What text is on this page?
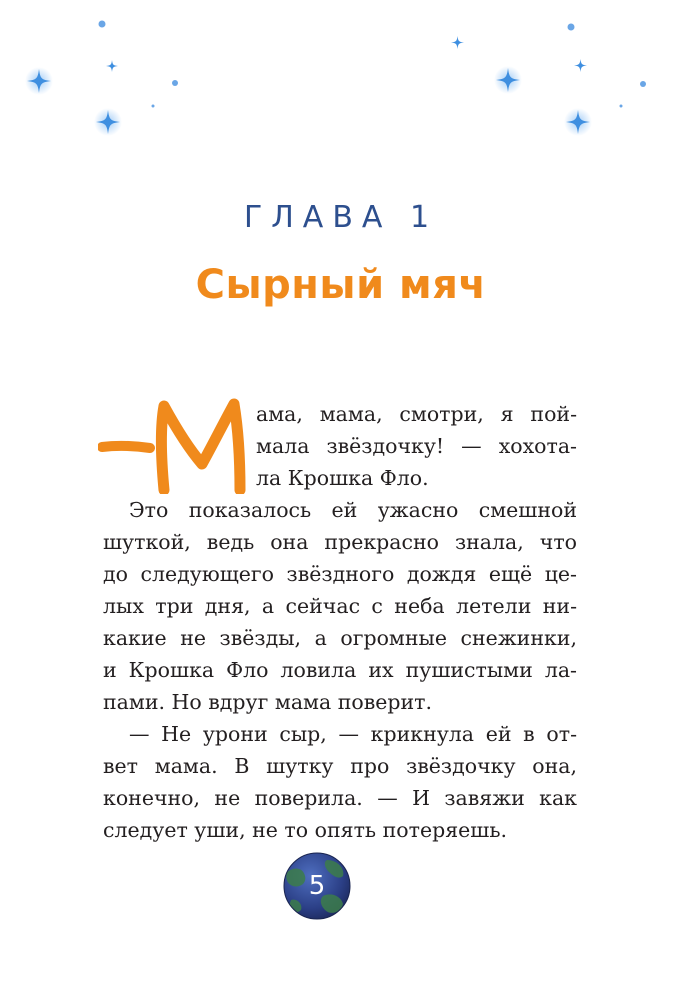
ГЛАВА 1
Сырный мяч
ама, мама, смотри, я пой-
мала звёздочку! — хохота-
ла Крошка Фло.
Это показалось ей ужасно смешной
шуткой, ведь она прекрасно знала, что
до следующего звёздного дождя ещё це-
лых три дня, а сейчас с неба летели ни-
какие не звёзды, а огромные снежинки,
и Крошка Фло ловила их пушистыми ла-
пами. Но вдруг мама поверит.
— Не урони сыр, — крикнула ей в от-
вет мама. В шутку про звёздочку она,
конечно, не поверила. — И завяжи как
следует уши, не то опять потеряешь.
5
